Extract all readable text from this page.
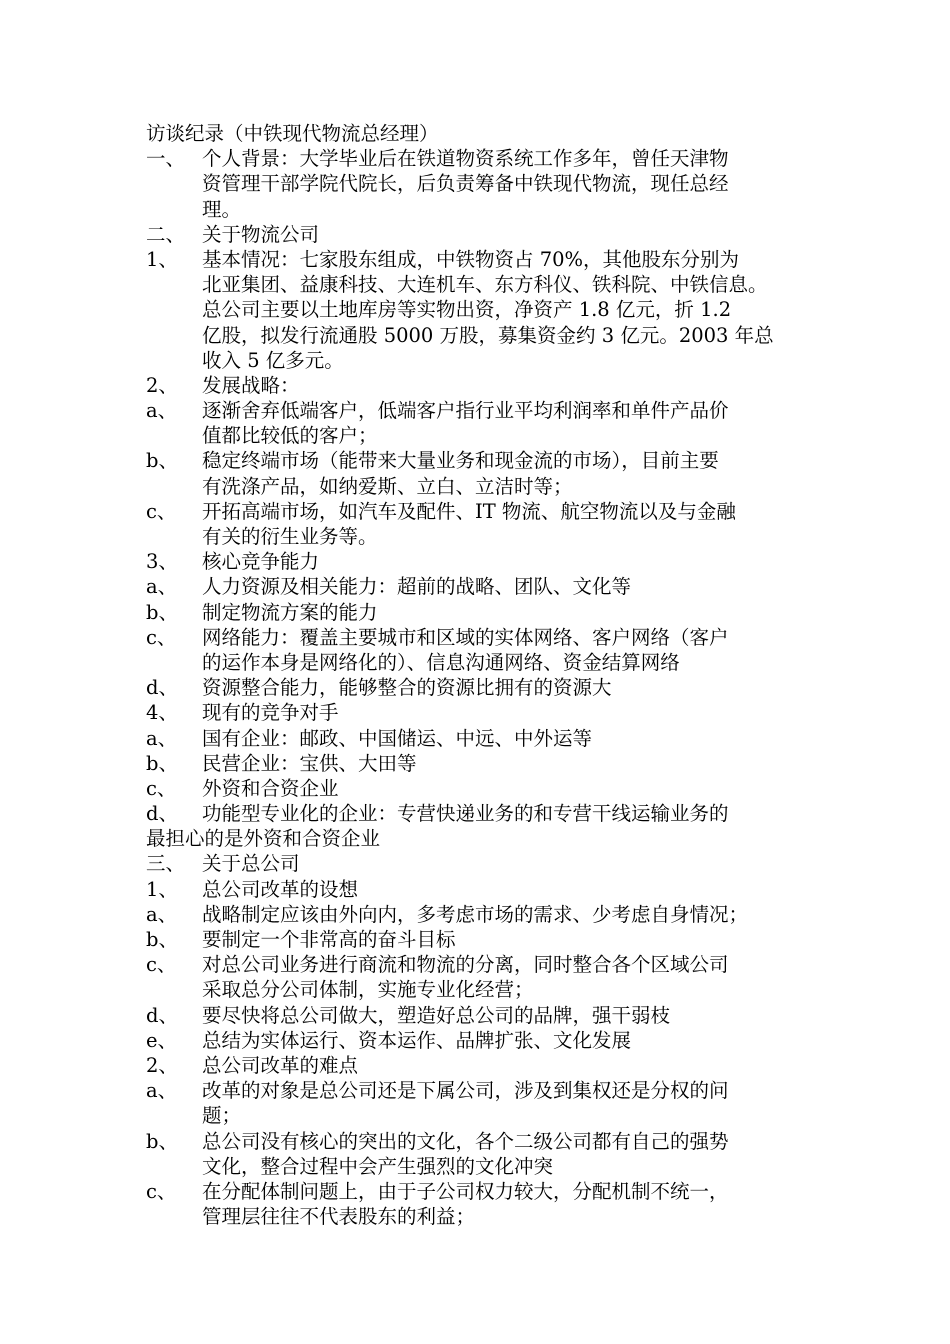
访谈纪录（中铁现代物流总经理）
一、 个人背景：大学毕业后在铁道物资系统工作多年，曾任天津物
资管理干部学院代院长，后负责筹备中铁现代物流，现任总经
理。
二、 关于物流公司
1、 基本情况：七家股东组成，中铁物资占 70%，其他股东分别为
北亚集团、益康科技、大连机车、东方科仪、铁科院、中铁信息。
总公司主要以土地库房等实物出资，净资产 1.8 亿元，折 1.2
亿股，拟发行流通股 5000 万股，募集资金约 3 亿元。2003 年总
收入 5 亿多元。
2、 发展战略：
a、 逐渐舍弃低端客户，低端客户指行业平均利润率和单件产品价
值都比较低的客户；
b、 稳定终端市场（能带来大量业务和现金流的市场），目前主要
有洗涤产品，如纳爱斯、立白、立洁时等；
c、 开拓高端市场，如汽车及配件、IT 物流、航空物流以及与金融
有关的衍生业务等。
3、 核心竞争能力
a、 人力资源及相关能力：超前的战略、团队、文化等
b、 制定物流方案的能力
c、 网络能力：覆盖主要城市和区域的实体网络、客户网络（客户
的运作本身是网络化的）、信息沟通网络、资金结算网络
d、 资源整合能力，能够整合的资源比拥有的资源大
4、 现有的竞争对手
a、 国有企业：邮政、中国储运、中远、中外运等
b、 民营企业：宝供、大田等
c、 外资和合资企业
d、 功能型专业化的企业：专营快递业务的和专营干线运输业务的
最担心的是外资和合资企业
三、 关于总公司
1、 总公司改革的设想
a、 战略制定应该由外向内，多考虑市场的需求、少考虑自身情况；
b、 要制定一个非常高的奋斗目标
c、 对总公司业务进行商流和物流的分离，同时整合各个区域公司
采取总分公司体制，实施专业化经营；
d、 要尽快将总公司做大，塑造好总公司的品牌，强干弱枝
e、 总结为实体运行、资本运作、品牌扩张、文化发展
2、 总公司改革的难点
a、 改革的对象是总公司还是下属公司，涉及到集权还是分权的问
题；
b、 总公司没有核心的突出的文化，各个二级公司都有自己的强势
文化，整合过程中会产生强烈的文化冲突
c、 在分配体制问题上，由于子公司权力较大，分配机制不统一，
管理层往往不代表股东的利益；
